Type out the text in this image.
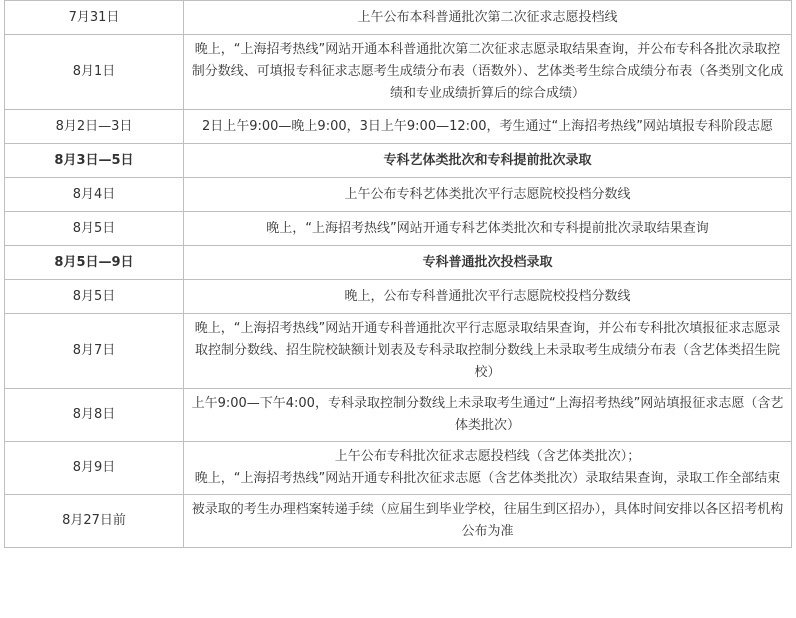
7月31日	上午公布本科普通批次第二次征求志愿投档线
8月1日	晚上，“上海招考热线”网站开通本科普通批次第二次征求志愿录取结果查询，并公布专科各批次录取控制分数线、可填报专科征求志愿考生成绩分布表（语数外）、艺体类考生综合成绩分布表（各类别文化成绩和专业成绩折算后的综合成绩）
8月2日—3日	2日上午9:00—晚上9:00，3日上午9:00—12:00，考生通过“上海招考热线”网站填报专科阶段志愿
8月3日—5日	专科艺体类批次和专科提前批次录取
8月4日	上午公布专科艺体类批次平行志愿院校投档分数线
8月5日	晚上，“上海招考热线”网站开通专科艺体类批次和专科提前批次录取结果查询
8月5日—9日	专科普通批次投档录取
8月5日	晚上，公布专科普通批次平行志愿院校投档分数线
8月7日	晚上，“上海招考热线”网站开通专科普通批次平行志愿录取结果查询，并公布专科批次填报征求志愿录取控制分数线、招生院校缺额计划表及专科录取控制分数线上未录取考生成绩分布表（含艺体类招生院校）
8月8日	上午9:00—下午4:00，专科录取控制分数线上未录取考生通过“上海招考热线”网站填报征求志愿（含艺体类批次）
8月9日	上午公布专科批次征求志愿投档线（含艺体类批次）；
晚上，“上海招考热线”网站开通专科批次征求志愿（含艺体类批次）录取结果查询，录取工作全部结束
8月27日前	被录取的考生办理档案转递手续（应届生到毕业学校，往届生到区招办），具体时间安排以各区招考机构公布为准
